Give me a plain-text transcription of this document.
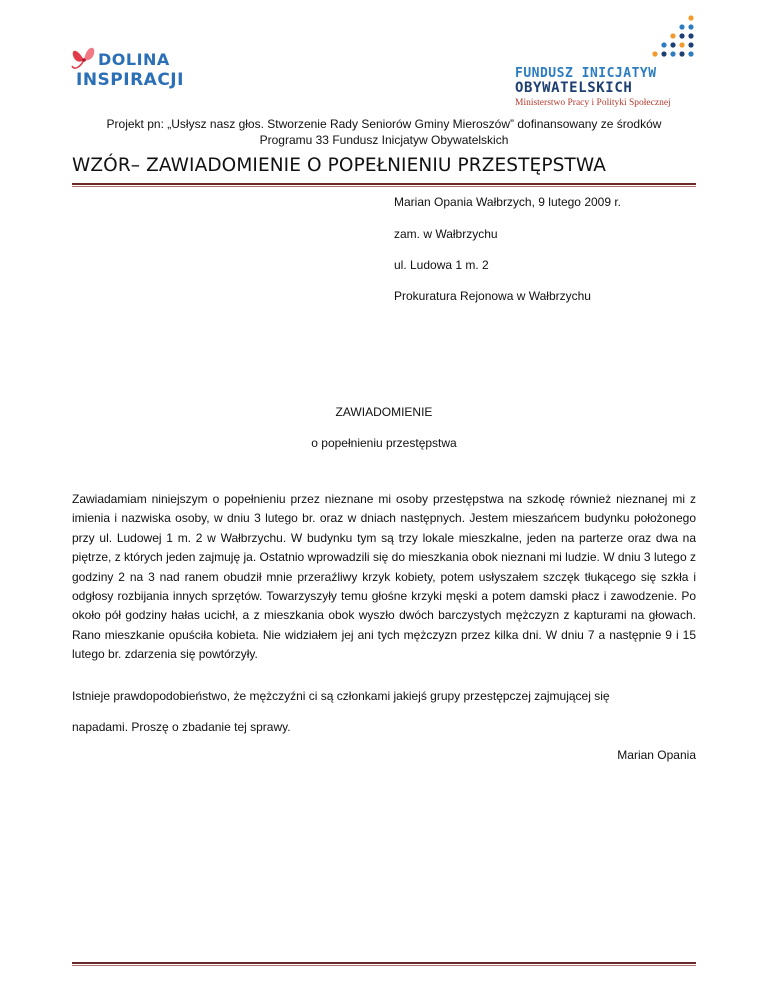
DOLINA
INSPIRACJI	FUNDUSZ INICJATYW
OBYWATELSKICH
Ministerstwo Pracy i Polityki Społecznej
Projekt pn: „Usłysz nasz głos. Stworzenie Rady Seniorów Gminy Mieroszów” dofinansowany ze środków
Programu 33 Fundusz Inicjatyw Obywatelskich
WZÓR– ZAWIADOMIENIE O POPEŁNIENIU PRZESTĘPSTWA
Marian Opania Wałbrzych, 9 lutego 2009 r.
zam. w Wałbrzychu
ul. Ludowa 1 m. 2
Prokuratura Rejonowa w Wałbrzychu
ZAWIADOMIENIE
o popełnieniu przestępstwa
Zawiadamiam niniejszym o popełnieniu przez nieznane mi osoby przestępstwa na szkodę również nieznanej mi z imienia i nazwiska osoby, w dniu 3 lutego br. oraz w dniach następnych. Jestem mieszańcem budynku położonego przy ul. Ludowej 1 m. 2 w Wałbrzychu. W budynku tym są trzy lokale mieszkalne, jeden na parterze oraz dwa na piętrze, z których jeden zajmuję ja. Ostatnio wprowadzili się do mieszkania obok nieznani mi ludzie. W dniu 3 lutego z godziny 2 na 3 nad ranem obudził mnie przeraźliwy krzyk kobiety, potem usłyszałem szczęk tłukącego się szkła i odgłosy rozbijania innych sprzętów. Towarzyszyły temu głośne krzyki męski a potem damski płacz i zawodzenie. Po około pół godziny hałas ucichł, a z mieszkania obok wyszło dwóch barczystych mężczyzn z kapturami na głowach. Rano mieszkanie opuściła kobieta. Nie widziałem jej ani tych mężczyzn przez kilka dni. W dniu 7 a następnie 9 i 15 lutego br. zdarzenia się powtórzyły.
Istnieje prawdopodobieństwo, że mężczyźni ci są członkami jakiejś grupy przestępczej zajmującej się
napadami. Proszę o zbadanie tej sprawy.
Marian Opania
